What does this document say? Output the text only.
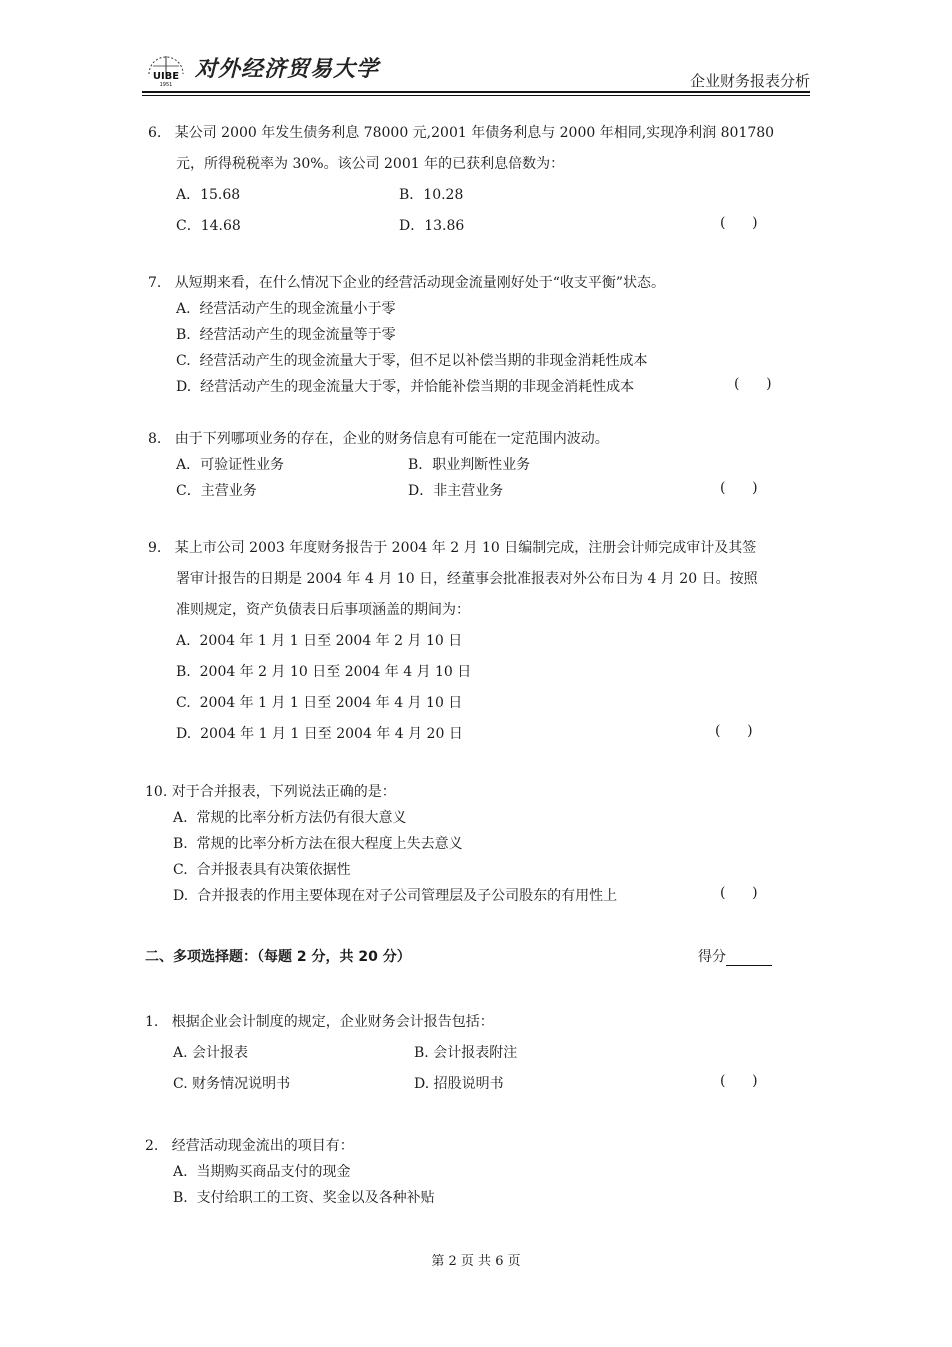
UIBE
1951
对外经济贸易大学	企业财务报表分析
6.   某公司 2000 年发生债务利息 78000 元,2001 年债务利息与 2000 年相同,实现净利润 801780
元，所得税税率为 30%。该公司 2001 年的已获利息倍数为：
A．15.68	B．10.28
C．14.68	D．13.86	(      )
7.   从短期来看，在什么情况下企业的经营活动现金流量刚好处于“收支平衡”状态。
A.  经营活动产生的现金流量小于零
B.  经营活动产生的现金流量等于零
C.  经营活动产生的现金流量大于零，但不足以补偿当期的非现金消耗性成本
D.  经营活动产生的现金流量大于零，并恰能补偿当期的非现金消耗性成本	(      )
8.   由于下列哪项业务的存在，企业的财务信息有可能在一定范围内波动。
A．可验证性业务	B．职业判断性业务
C．主营业务	D．非主营业务	(      )
9.   某上市公司 2003 年度财务报告于 2004 年 2 月 10 日编制完成，注册会计师完成审计及其签
署审计报告的日期是 2004 年 4 月 10 日，经董事会批准报表对外公布日为 4 月 20 日。按照
准则规定，资产负债表日后事项涵盖的期间为：
A.  2004 年 1 月 1 日至 2004 年 2 月 10 日
B.  2004 年 2 月 10 日至 2004 年 4 月 10 日
C.  2004 年 1 月 1 日至 2004 年 4 月 10 日
D.  2004 年 1 月 1 日至 2004 年 4 月 20 日	(      )
10. 对于合并报表，下列说法正确的是：
A.  常规的比率分析方法仍有很大意义
B.  常规的比率分析方法在很大程度上失去意义
C.  合并报表具有决策依据性
D.  合并报表的作用主要体现在对子公司管理层及子公司股东的有用性上	(      )
二、多项选择题：（每题 2 分，共 20 分）	得分
1.   根据企业会计制度的规定，企业财务会计报告包括：
A. 会计报表	B. 会计报表附注
C. 财务情况说明书	D. 招股说明书	(      )
2.   经营活动现金流出的项目有：
A.  当期购买商品支付的现金
B.  支付给职工的工资、奖金以及各种补贴
第 2 页 共 6 页
